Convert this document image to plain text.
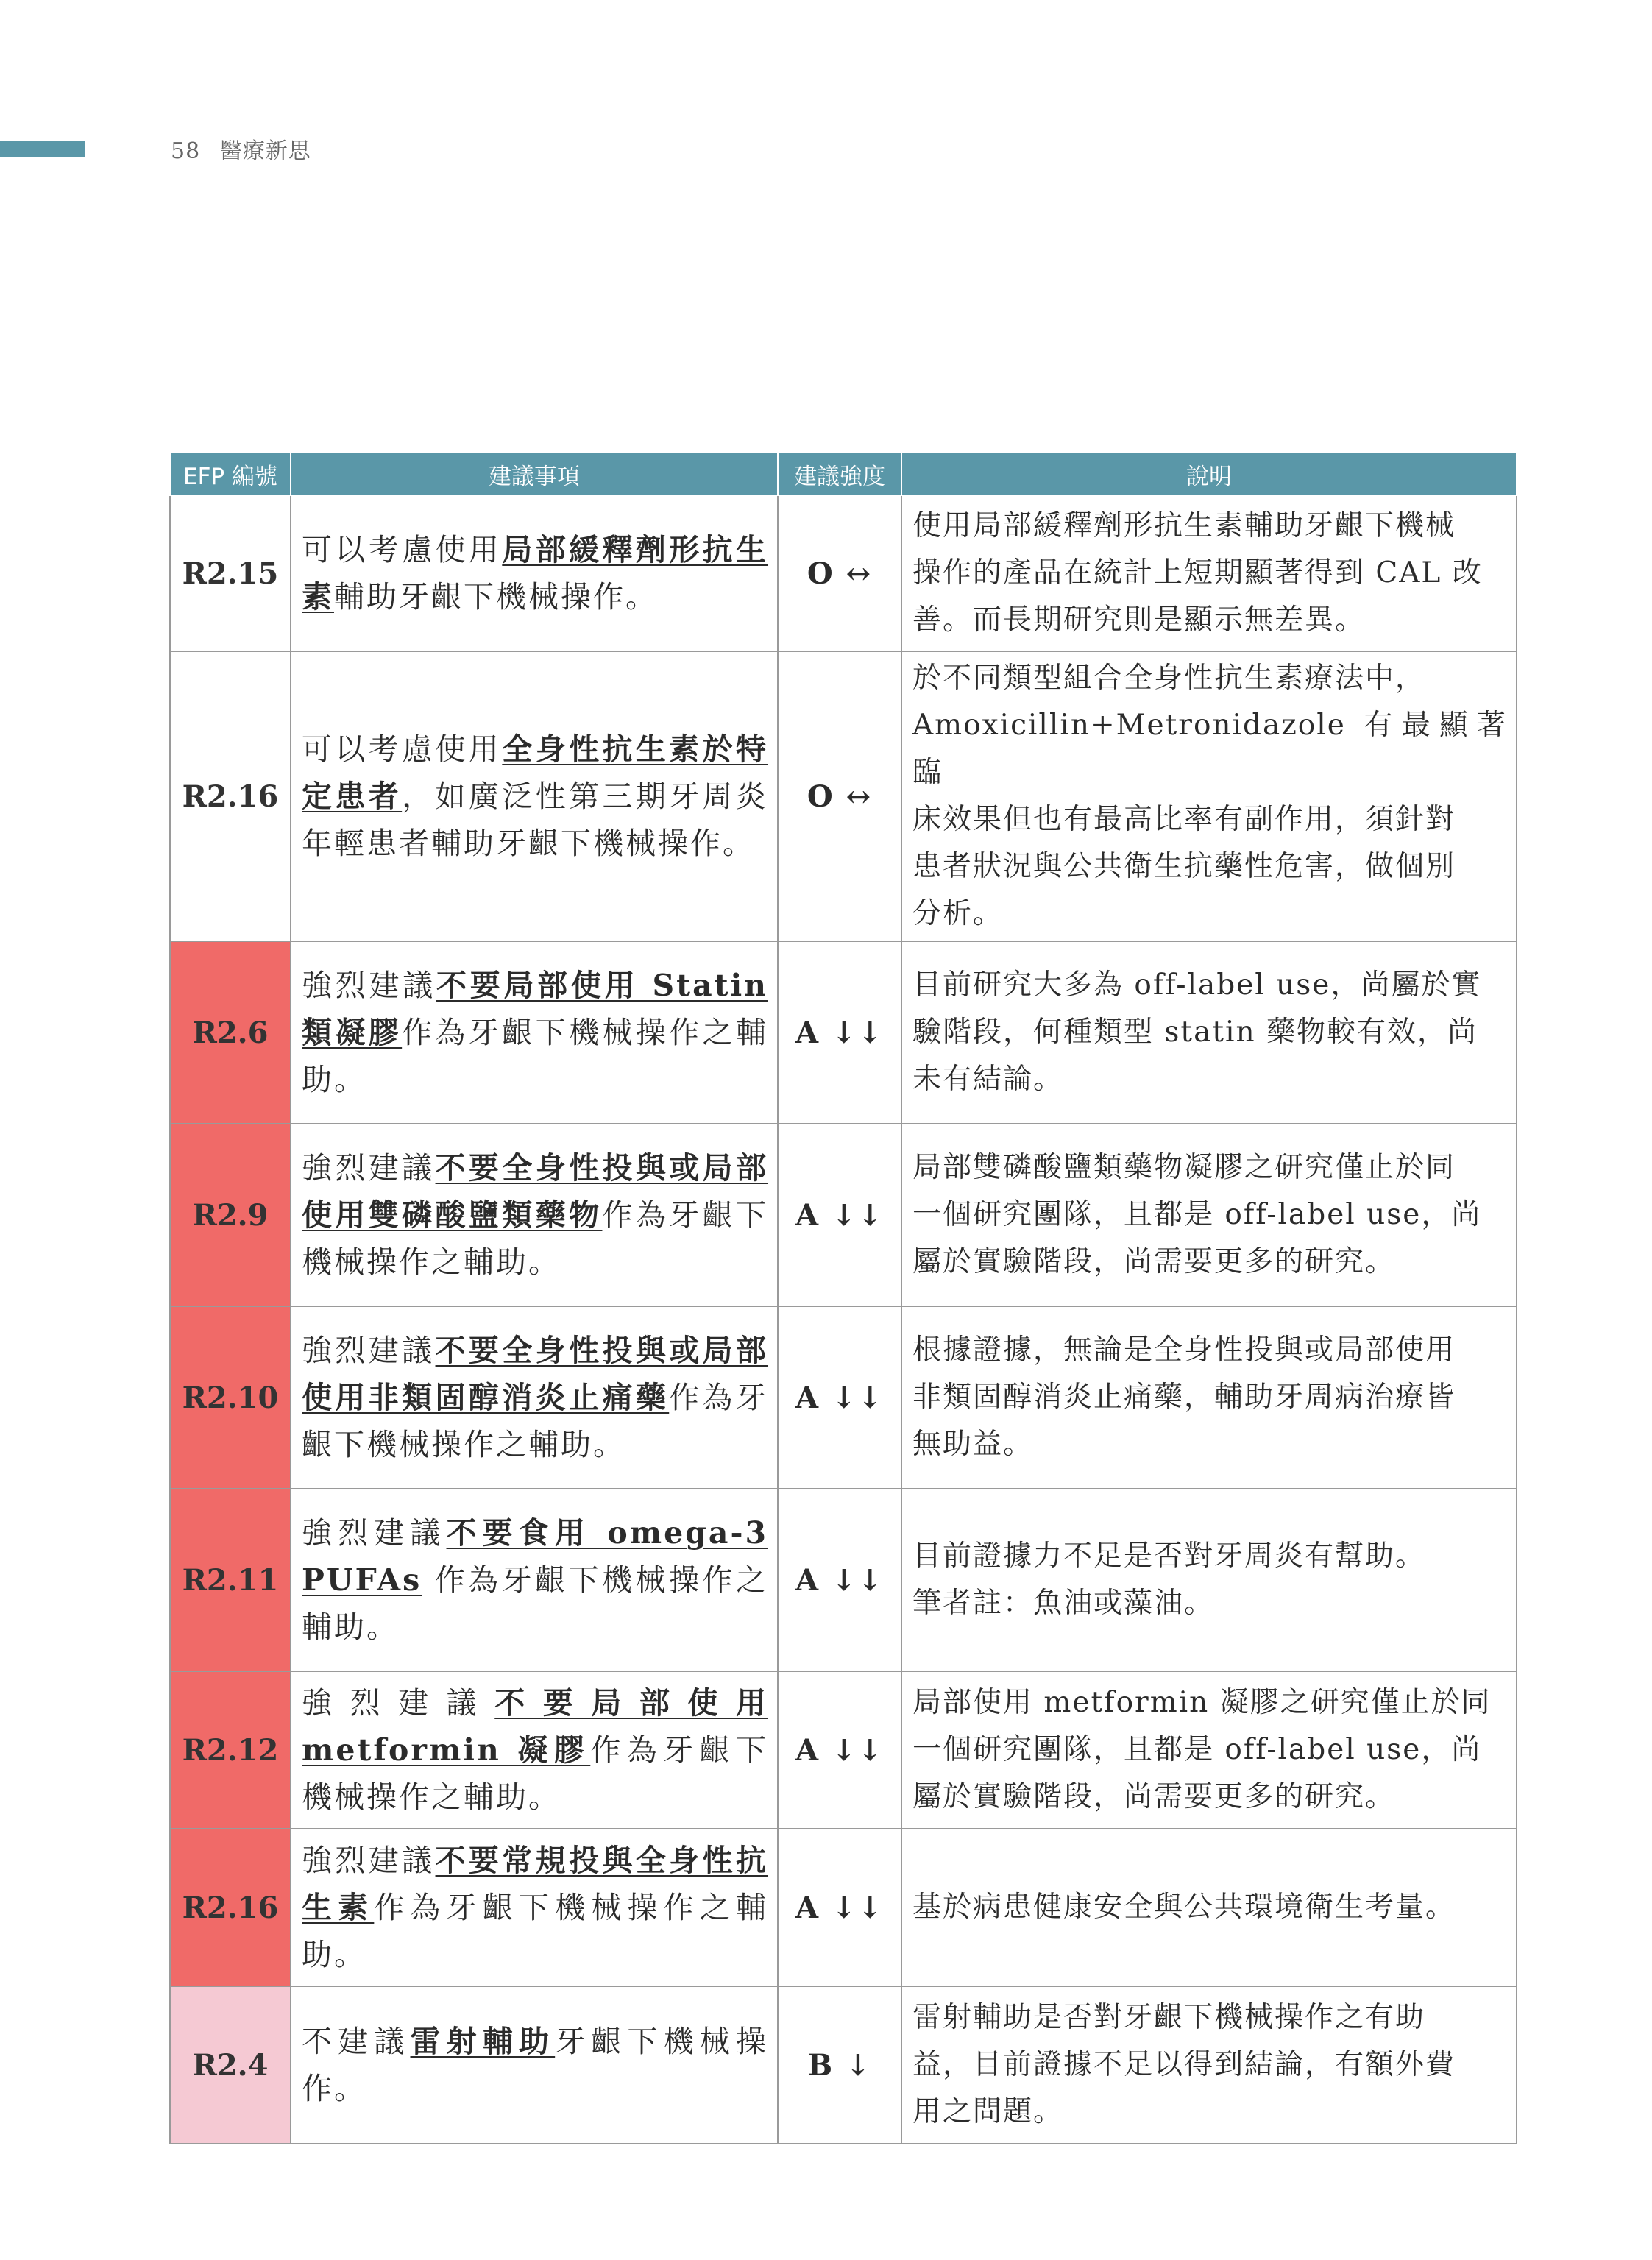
58 醫療新思
EFP 編號	建議事項	建議強度	說明
R2.15	可以考慮使用局部緩釋劑形抗生素輔助牙齦下機械操作。	O ↔	使用局部緩釋劑形抗生素輔助牙齦下機械
操作的產品在統計上短期顯著得到 CAL 改
善。而長期研究則是顯示無差異。

R2.16	可以考慮使用全身性抗生素於特定患者，如廣泛性第三期牙周炎年輕患者輔助牙齦下機械操作。	O ↔	於不同類型組合全身性抗生素療法中，
Amoxicillin+Metronidazole 有最顯著臨
床效果但也有最高比率有副作用，須針對
患者狀況與公共衛生抗藥性危害，做個別
分析。

R2.6	強烈建議不要局部使用 Statin 類凝膠作為牙齦下機械操作之輔助。	A ↓↓	目前研究大多為 off-label use，尚屬於實
驗階段，何種類型 statin 藥物較有效，尚
未有結論。

R2.9	強烈建議不要全身性投與或局部使用雙磷酸鹽類藥物作為牙齦下機械操作之輔助。	A ↓↓	局部雙磷酸鹽類藥物凝膠之研究僅止於同
一個研究團隊，且都是 off-label use，尚
屬於實驗階段，尚需要更多的研究。

R2.10	強烈建議不要全身性投與或局部使用非類固醇消炎止痛藥作為牙齦下機械操作之輔助。	A ↓↓	根據證據，無論是全身性投與或局部使用
非類固醇消炎止痛藥，輔助牙周病治療皆
無助益。

R2.11	強烈建議不要食用 omega-3 PUFAs 作為牙齦下機械操作之輔助。	A ↓↓	目前證據力不足是否對牙周炎有幫助。
筆者註：魚油或藻油。

R2.12	強烈建議不要局部使用 metformin 凝膠作為牙齦下機械操作之輔助。	A ↓↓	局部使用 metformin 凝膠之研究僅止於同
一個研究團隊，且都是 off-label use，尚
屬於實驗階段，尚需要更多的研究。

R2.16	強烈建議不要常規投與全身性抗生素作為牙齦下機械操作之輔助。	A ↓↓	基於病患健康安全與公共環境衛生考量。

R2.4	不建議雷射輔助牙齦下機械操作。	B ↓	雷射輔助是否對牙齦下機械操作之有助
益，目前證據不足以得到結論，有額外費
用之問題。
